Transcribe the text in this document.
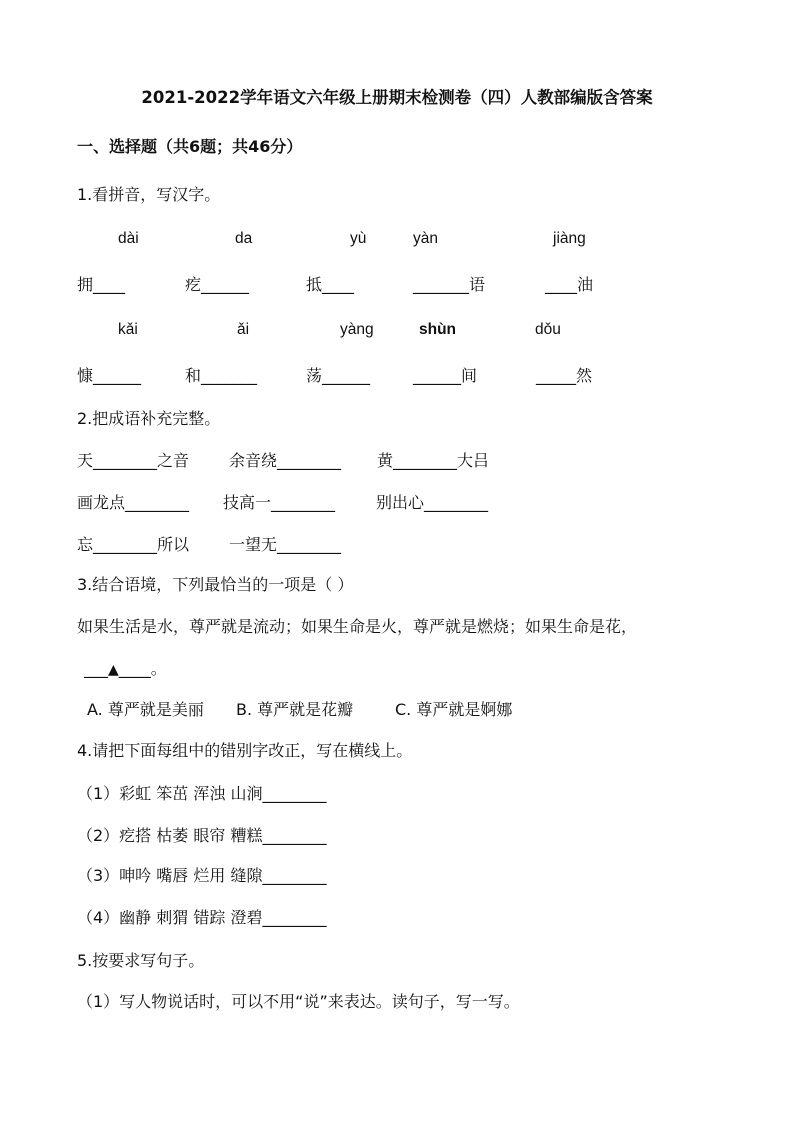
2021-2022学年语文六年级上册期末检测卷（四）人教部编版含答案
一、选择题（共6题；共46分）
1.看拼音，写汉字。
dài	da	yù	yàn	jiàng
拥____	疙______	抵____	_______语	____油
kǎi	ǎi	yàng	shùn	dǒu
慷______	和_______	荡______	______间	_____然
2.把成语补充完整。
天________之音 余音绕________ 黄________大吕
画龙点________ 技高一________	别出心________
忘________所以 一望无________
3.结合语境，下列最恰当的一项是（ ）
如果生活是水，尊严就是流动；如果生命是火，尊严就是燃烧；如果生命是花，
___▲____。
A. 尊严就是美丽 B. 尊严就是花瓣	C. 尊严就是婀娜
4.请把下面每组中的错别字改正，写在横线上。
（1）彩虹 笨茁 浑浊 山涧________
（2）疙搭 枯萎 眼帘 糟糕________
（3）呻吟 嘴唇 烂用 缝隙________
（4）幽静 刺猬 错踪 澄碧________
5.按要求写句子。
（1）写人物说话时，可以不用“说”来表达。读句子，写一写。
